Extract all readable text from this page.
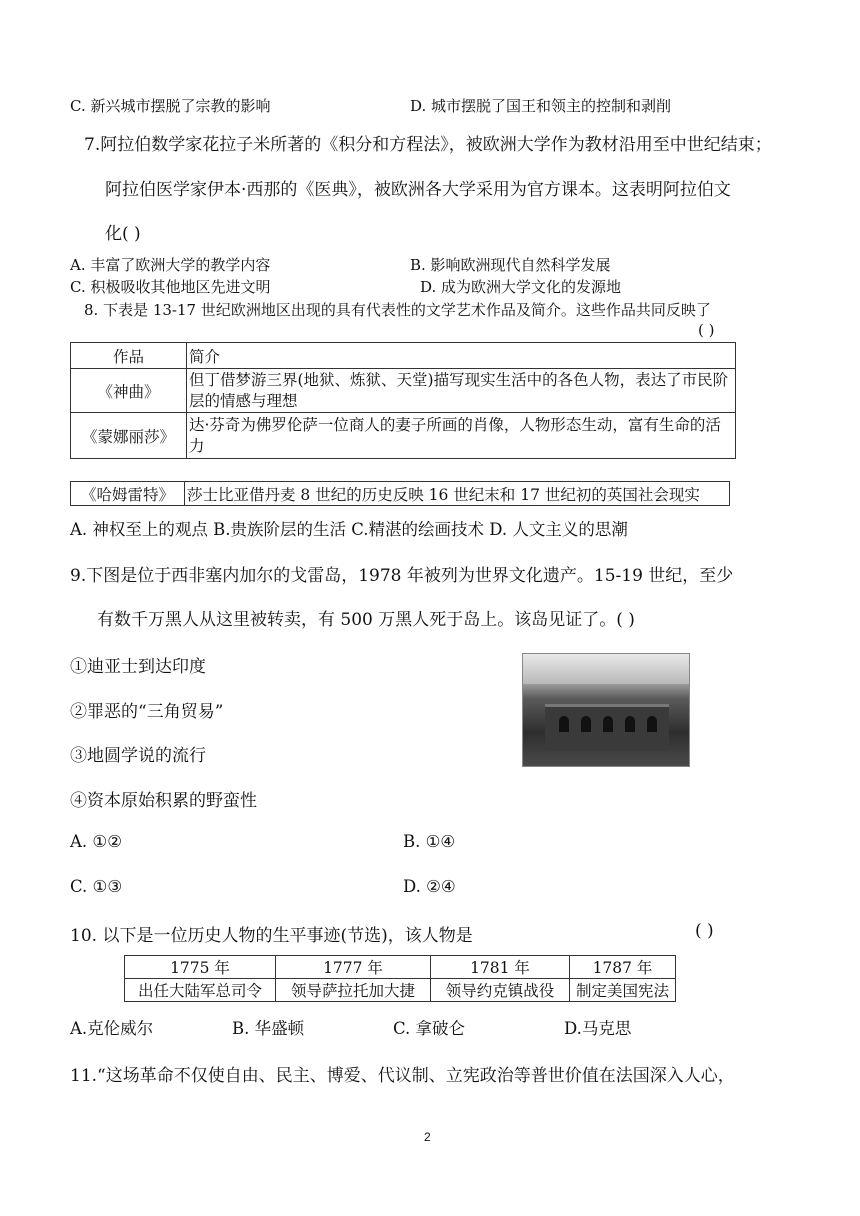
C. 新兴城市摆脱了宗教的影响	D. 城市摆脱了国王和领主的控制和剥削
7.阿拉伯数学家花拉子米所著的《积分和方程法》，被欧洲大学作为教材沿用至中世纪结束；
阿拉伯医学家伊本·西那的《医典》，被欧洲各大学采用为官方课本。这表明阿拉伯文
化( )
A. 丰富了欧洲大学的教学内容	B. 影响欧洲现代自然科学发展
C. 积极吸收其他地区先进文明	D. 成为欧洲大学文化的发源地
8. 下表是 13-17 世纪欧洲地区出现的具有代表性的文学艺术作品及简介。这些作品共同反映了
( )
作品	简介
《神曲》	但丁借梦游三界(地狱、炼狱、天堂)描写现实生活中的各色人物，表达了市民阶层的情感与理想
《蒙娜丽莎》	达·芬奇为佛罗伦萨一位商人的妻子所画的肖像，人物形态生动，富有生命的活力
《哈姆雷特》	莎士比亚借丹麦 8 世纪的历史反映 16 世纪末和 17 世纪初的英国社会现实
A. 神权至上的观点 B.贵族阶层的生活 C.精湛的绘画技术 D. 人文主义的思潮
9.下图是位于西非塞内加尔的戈雷岛，1978 年被列为世界文化遗产。15-19 世纪，至少
有数千万黑人从这里被转卖，有 500 万黑人死于岛上。该岛见证了。( )
①迪亚士到达印度
②罪恶的“三角贸易”
③地圆学说的流行
④资本原始积累的野蛮性
A. ①②	B. ①④
C. ①③	D. ②④
10. 以下是一位历史人物的生平事迹(节选)，该人物是	( )
1775 年	1777 年	1781 年	1787 年
出任大陆军总司令	领导萨拉托加大捷	领导约克镇战役	制定美国宪法
A.克伦威尔	B. 华盛顿	C. 拿破仑	D.马克思
11.“这场革命不仅使自由、民主、博爱、代议制、立宪政治等普世价值在法国深入人心，
2
